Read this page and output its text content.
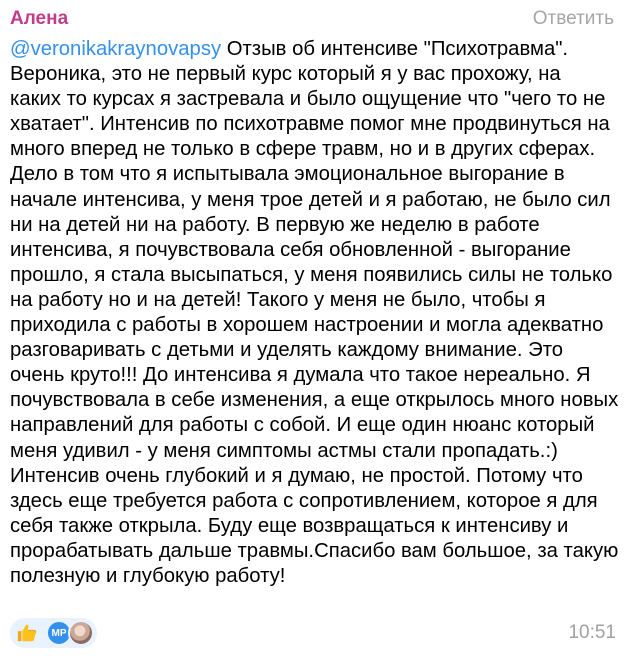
Алена	Ответить
@veronikakraynovapsy Отзыв об интенсиве "Психотравма".
Вероника, это не первый курс который я у вас прохожу, на
каких то курсах я застревала и было ощущение что "чего то не
хватает". Интенсив по психотравме помог мне продвинуться на
много вперед не только в сфере травм, но и в других сферах.
Дело в том что я испытывала эмоциональное выгорание в
начале интенсива, у меня трое детей и я работаю, не было сил
ни на детей ни на работу. В первую же неделю в работе
интенсива, я почувствовала себя обновленной - выгорание
прошло, я стала высыпаться, у меня появились силы не только
на работу но и на детей! Такого у меня не было, чтобы я
приходила с работы в хорошем настроении и могла адекватно
разговаривать с детьми и уделять каждому внимание. Это
очень круто!!! До интенсива я думала что такое нереально. Я
почувствовала в себе изменения, а еще открылось много новых
направлений для работы с собой. И еще один нюанс который
меня удивил - у меня симптомы астмы стали пропадать.:)
Интенсив очень глубокий и я думаю, не простой. Потому что
здесь еще требуется работа с сопротивлением, которое я для
себя также открыла. Буду еще возвращаться к интенсиву и
прорабатывать дальше травмы.Спасибо вам большое, за такую
полезную и глубокую работу!
MP	10:51
